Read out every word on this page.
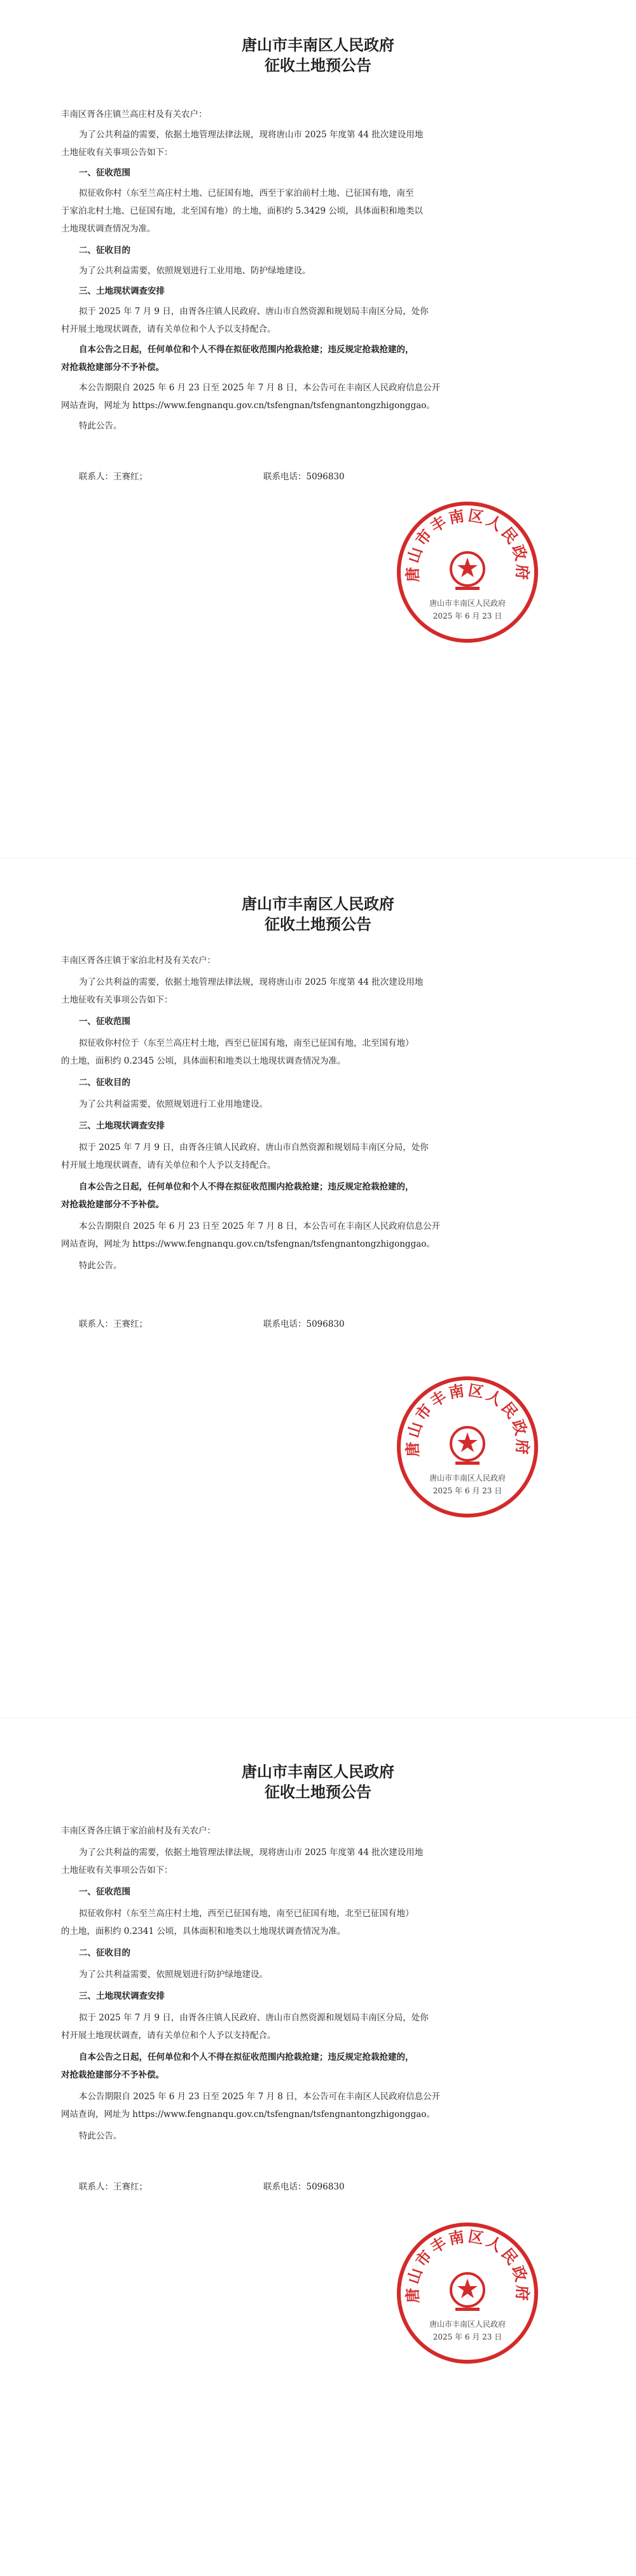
唐山市丰南区人民政府
征收土地预公告
丰南区胥各庄镇兰高庄村及有关农户：
为了公共利益的需要，依据土地管理法律法规，现将唐山市 2025 年度第 44 批次建设用地
土地征收有关事项公告如下：
一、征收范围
拟征收你村（东至兰高庄村土地、已征国有地，西至于家泊前村土地、已征国有地，南至
于家泊北村土地、已征国有地，北至国有地）的土地，面积约 5.3429 公顷，具体面积和地类以
土地现状调查情况为准。
二、征收目的
为了公共利益需要，依照规划进行工业用地、防护绿地建设。
三、土地现状调查安排
拟于 2025 年 7 月 9 日，由胥各庄镇人民政府、唐山市自然资源和规划局丰南区分局，处你
村开展土地现状调查，请有关单位和个人予以支持配合。
自本公告之日起，任何单位和个人不得在拟征收范围内抢栽抢建；违反规定抢栽抢建的，
对抢栽抢建部分不予补偿。
本公告期限自 2025 年 6 月 23 日至 2025 年 7 月 8 日，本公告可在丰南区人民政府信息公开
网站查询，网址为 https://www.fengnanqu.gov.cn/tsfengnan/tsfengnantongzhigonggao。
特此公告。
联系人：王赛红；	联系电话：5096830
唐山市丰南区人民政府
唐山市丰南区人民政府
2025 年 6 月 23 日
唐山市丰南区人民政府
征收土地预公告
丰南区胥各庄镇于家泊北村及有关农户：
为了公共利益的需要，依据土地管理法律法规，现将唐山市 2025 年度第 44 批次建设用地
土地征收有关事项公告如下：
一、征收范围
拟征收你村位于（东至兰高庄村土地，西至已征国有地，南至已征国有地，北至国有地）
的土地，面积约 0.2345 公顷，具体面积和地类以土地现状调查情况为准。
二、征收目的
为了公共利益需要，依照规划进行工业用地建设。
三、土地现状调查安排
拟于 2025 年 7 月 9 日，由胥各庄镇人民政府、唐山市自然资源和规划局丰南区分局，处你
村开展土地现状调查，请有关单位和个人予以支持配合。
自本公告之日起，任何单位和个人不得在拟征收范围内抢栽抢建；违反规定抢栽抢建的，
对抢栽抢建部分不予补偿。
本公告期限自 2025 年 6 月 23 日至 2025 年 7 月 8 日，本公告可在丰南区人民政府信息公开
网站查询，网址为 https://www.fengnanqu.gov.cn/tsfengnan/tsfengnantongzhigonggao。
特此公告。
联系人：王赛红；	联系电话：5096830
唐山市丰南区人民政府
唐山市丰南区人民政府
2025 年 6 月 23 日
唐山市丰南区人民政府
征收土地预公告
丰南区胥各庄镇于家泊前村及有关农户：
为了公共利益的需要，依据土地管理法律法规，现将唐山市 2025 年度第 44 批次建设用地
土地征收有关事项公告如下：
一、征收范围
拟征收你村（东至兰高庄村土地，西至已征国有地，南至已征国有地，北至已征国有地）
的土地，面积约 0.2341 公顷，具体面积和地类以土地现状调查情况为准。
二、征收目的
为了公共利益需要，依照规划进行防护绿地建设。
三、土地现状调查安排
拟于 2025 年 7 月 9 日，由胥各庄镇人民政府、唐山市自然资源和规划局丰南区分局，处你
村开展土地现状调查，请有关单位和个人予以支持配合。
自本公告之日起，任何单位和个人不得在拟征收范围内抢栽抢建；违反规定抢栽抢建的，
对抢栽抢建部分不予补偿。
本公告期限自 2025 年 6 月 23 日至 2025 年 7 月 8 日，本公告可在丰南区人民政府信息公开
网站查询，网址为 https://www.fengnanqu.gov.cn/tsfengnan/tsfengnantongzhigonggao。
特此公告。
联系人：王赛红；	联系电话：5096830
唐山市丰南区人民政府
唐山市丰南区人民政府
2025 年 6 月 23 日
